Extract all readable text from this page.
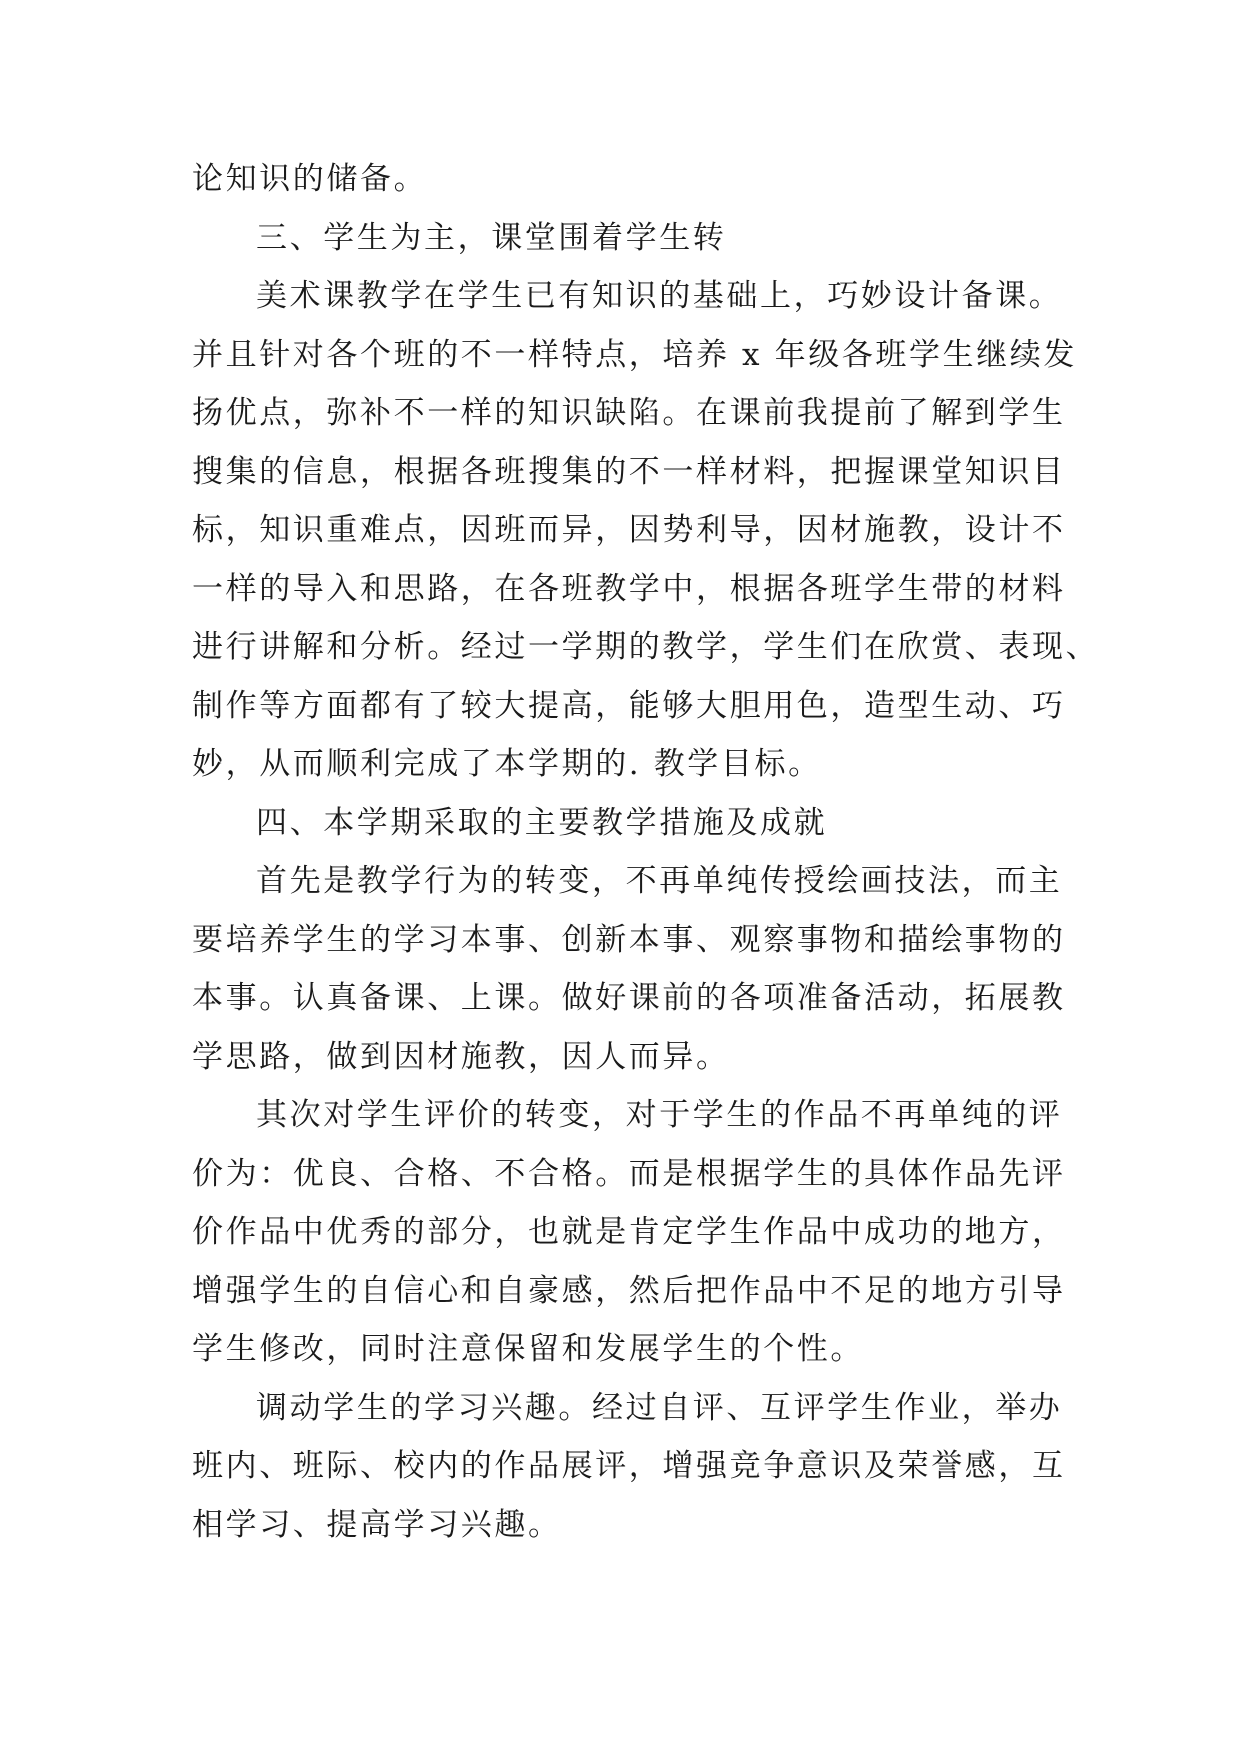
论知识的储备。
三、学生为主，课堂围着学生转
美术课教学在学生已有知识的基础上，巧妙设计备课。
并且针对各个班的不一样特点，培养 x 年级各班学生继续发
扬优点，弥补不一样的知识缺陷。在课前我提前了解到学生
搜集的信息，根据各班搜集的不一样材料，把握课堂知识目
标，知识重难点，因班而异，因势利导，因材施教，设计不
一样的导入和思路，在各班教学中，根据各班学生带的材料
进行讲解和分析。经过一学期的教学，学生们在欣赏、表现、
制作等方面都有了较大提高，能够大胆用色，造型生动、巧
妙，从而顺利完成了本学期的. 教学目标。
四、本学期采取的主要教学措施及成就
首先是教学行为的转变，不再单纯传授绘画技法，而主
要培养学生的学习本事、创新本事、观察事物和描绘事物的
本事。认真备课、上课。做好课前的各项准备活动，拓展教
学思路，做到因材施教，因人而异。
其次对学生评价的转变，对于学生的作品不再单纯的评
价为：优良、合格、不合格。而是根据学生的具体作品先评
价作品中优秀的部分，也就是肯定学生作品中成功的地方，
增强学生的自信心和自豪感，然后把作品中不足的地方引导
学生修改，同时注意保留和发展学生的个性。
调动学生的学习兴趣。经过自评、互评学生作业，举办
班内、班际、校内的作品展评，增强竞争意识及荣誉感，互
相学习、提高学习兴趣。
